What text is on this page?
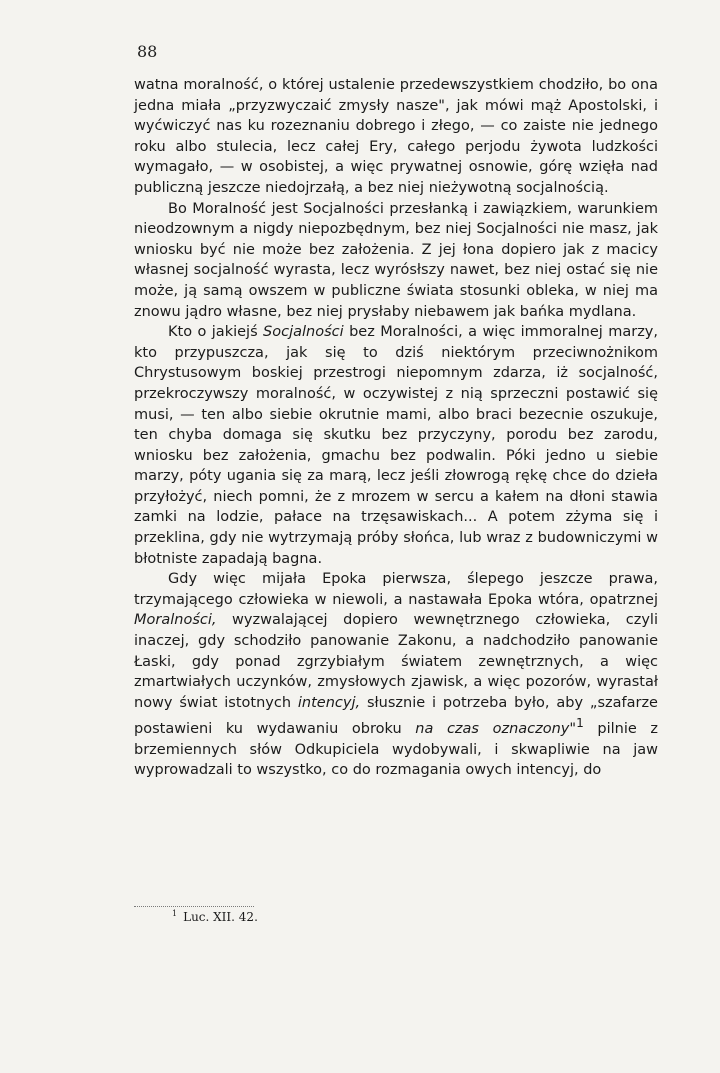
88

watna moralność, o której ustalenie przedewszystkiem chodziło, bo ona jedna miała „przyzwyczaić zmysły nasze", jak mówi mąż Apostolski, i wyćwiczyć nas ku rozeznaniu dobrego i złego, — co zaiste nie jednego roku albo stulecia, lecz całej Ery, całego perjodu żywota ludzkości wymagało, — w osobistej, a więc prywatnej osnowie, górę wzięła nad publiczną jeszcze niedojrzałą, a bez niej nieżywotną socjalnością.

Bo Moralność jest Socjalności przesłanką i zawiązkiem, warunkiem nieodzownym a nigdy niepozbędnym, bez niej Socjalności nie masz, jak wniosku być nie może bez założenia. Z jej łona dopiero jak z macicy własnej socjalność wyrasta, lecz wyrósłszy nawet, bez niej ostać się nie może, ją samą owszem w publiczne świata stosunki obleka, w niej ma znowu jądro własne, bez niej prysłaby niebawem jak bańka mydlana.

Kto o jakiejś Socjalności bez Moralności, a więc immoralnej marzy, kto przypuszcza, jak się to dziś niektórym przeciwnożnikom Chrystusowym boskiej przestrogi niepomnym zdarza, iż socjalność, przekroczywszy moralność, w oczywistej z nią sprzeczni postawić się musi, — ten albo siebie okrutnie mami, albo braci bezecnie oszukuje, ten chyba domaga się skutku bez przyczyny, porodu bez zarodu, wniosku bez założenia, gmachu bez podwalin. Póki jedno u siebie marzy, póty ugania się za marą, lecz jeśli złowrogą rękę chce do dzieła przyłożyć, niech pomni, że z mrozem w sercu a kałem na dłoni stawia zamki na lodzie, pałace na trzęsawiskach... A potem zżyma się i przeklina, gdy nie wytrzymają próby słońca, lub wraz z budowniczymi w błotniste zapadają bagna.

Gdy więc mijała Epoka pierwsza, ślepego jeszcze prawa, trzymającego człowieka w niewoli, a nastawała Epoka wtóra, opatrznej Moralności, wyzwalającej dopiero wewnętrznego człowieka, czyli inaczej, gdy schodziło panowanie Zakonu, a nadchodziło panowanie Łaski, gdy ponad zgrzybiałym światem zewnętrznych, a więc zmartwiałych uczynków, zmysłowych zjawisk, a więc pozorów, wyrastał nowy świat istotnych intencyj, słusznie i potrzeba było, aby „szafarze postawieni ku wydawaniu obroku na czas oznaczony"$^1$ pilnie z brzemiennych słów Odkupiciela wydobywali, i skwapliwie na jaw wyprowadzali to wszystko, co do rozmagania owych intencyj, do

$^1$ Luc. XII. 42.
